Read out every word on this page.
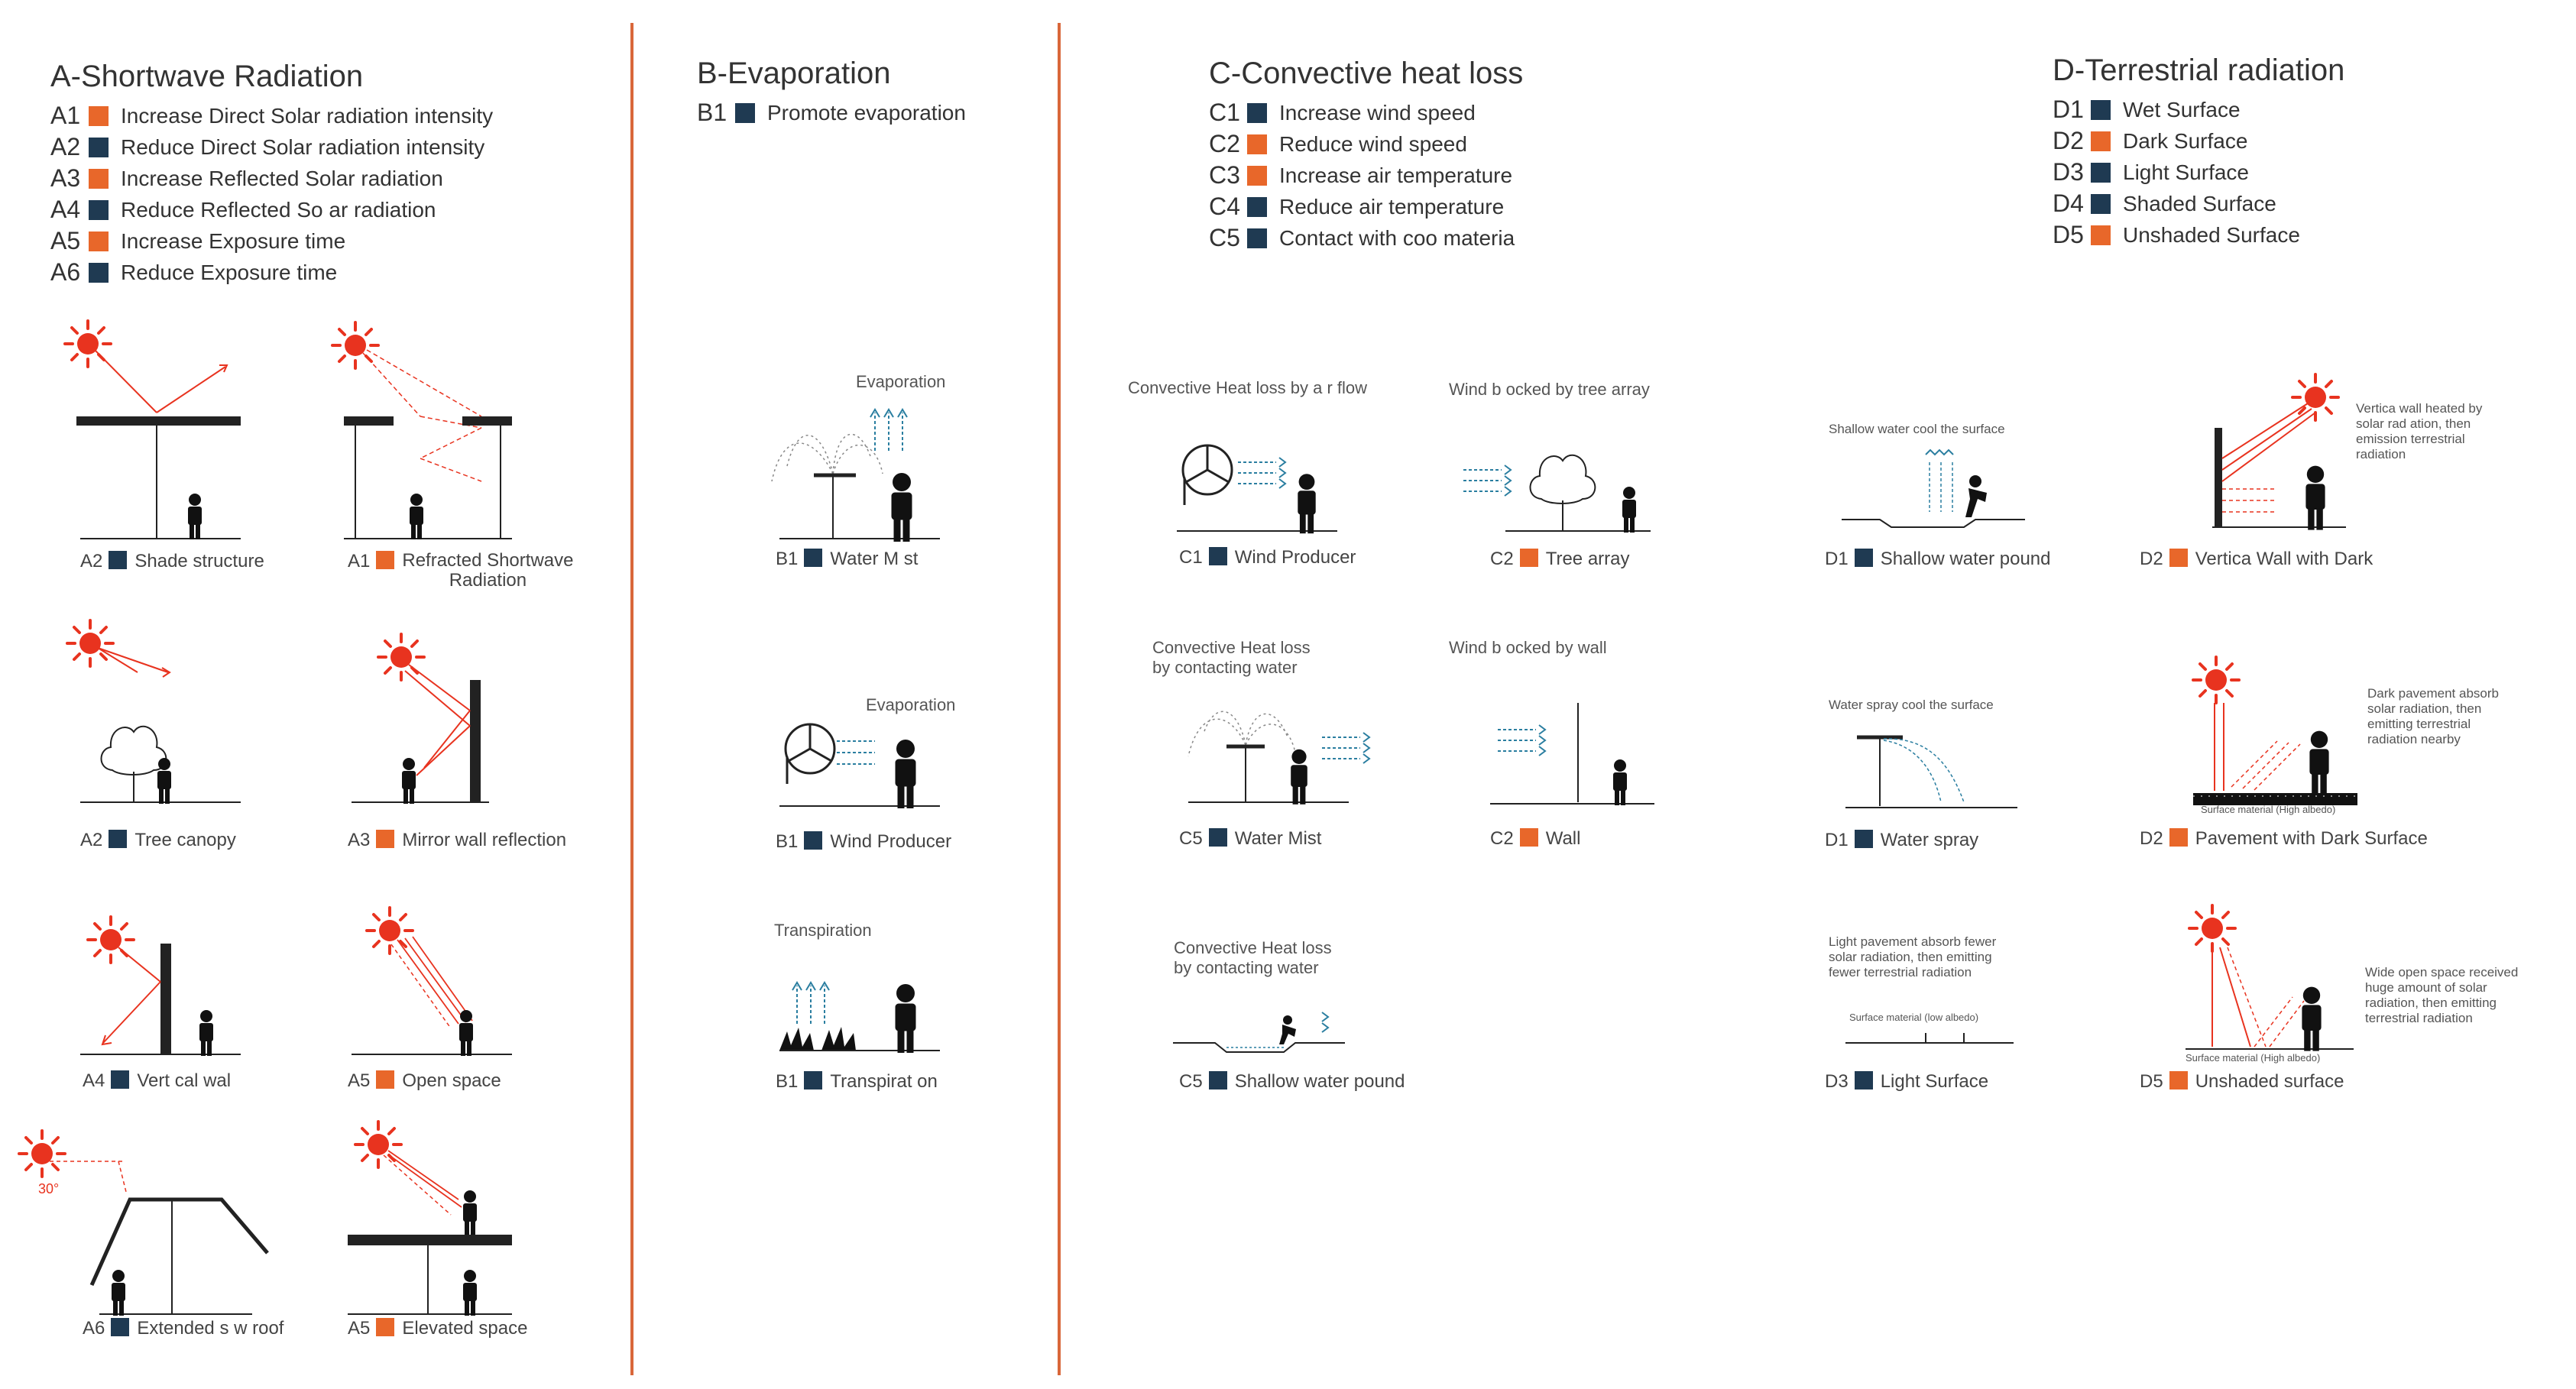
A-Shortwave Radiation
A1	Increase Direct Solar radiation intensity
A2	Reduce Direct Solar radiation intensity
A3	Increase Reflected Solar radiation
A4	Reduce Reflected So ar radiation
A5	Increase Exposure time
A6	Reduce Exposure time
B-Evaporation
B1	Promote evaporation
C-Convective heat loss
C1	Increase wind speed
C2	Reduce wind speed
C3	Increase air temperature
C4	Reduce air temperature
C5	Contact with coo materia
D-Terrestrial radiation
D1	Wet Surface
D2	Dark Surface
D3	Light Surface
D4	Shaded Surface
D5	Unshaded Surface
A2 Shade structure	A1 Refracted Shortwave
Radiation
A2 Tree canopy	A3 Mirror wall reflection
A4 Vert cal wal	A5 Open space
30°
A6 Extended s w roof	A5 Elevated space
Evaporation
B1 Water M st
Evaporation
B1 Wind Producer
Transpiration
B1 Transpirat on
Convective Heat loss by a r flow
C1 Wind Producer
Wind b ocked by tree array
C2 Tree array
Convective Heat loss
by contacting water
C5 Water Mist
Wind b ocked by wall
C2 Wall
Convective Heat loss
by contacting water
C5 Shallow water pound
Shallow water cool the surface
D1 Shallow water pound
Vertica wall heated by
solar rad ation, then
emission terrestrial
radiation
D2 Vertica Wall with Dark
Water spray cool the surface
D1 Water spray
Dark pavement absorb
solar radiation, then
emitting terrestrial
radiation nearby
Surface material (High albedo)
D2 Pavement with Dark Surface
Light pavement absorb fewer
solar radiation, then emitting
fewer terrestrial radiation
Surface material (low albedo)
D3 Light Surface
Wide open space received
huge amount of solar
radiation, then emitting
terrestrial radiation
Surface material (High albedo)
D5 Unshaded surface
